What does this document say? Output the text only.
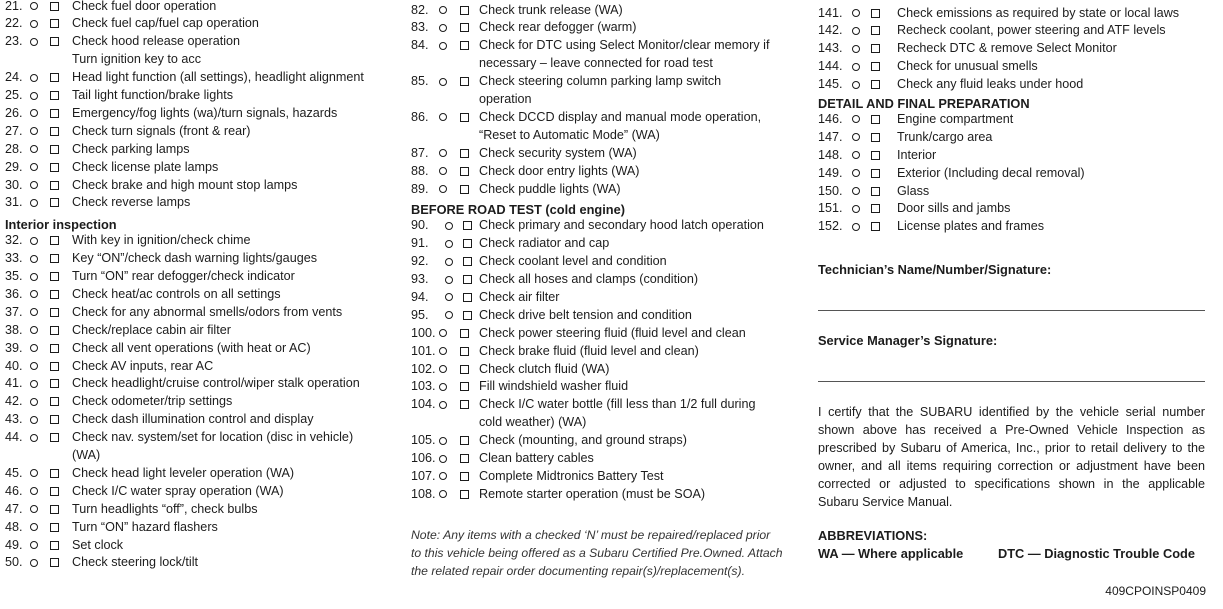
21.	Check fuel door operation
22.	Check fuel cap/fuel cap operation
23.	Check hood release operation
Turn ignition key to acc
24.	Head light function (all settings), headlight alignment
25.	Tail light function/brake lights
26.	Emergency/fog lights (wa)/turn signals, hazards
27.	Check turn signals (front & rear)
28.	Check parking lamps
29.	Check license plate lamps
30.	Check brake and high mount stop lamps
31.	Check reverse lamps
Interior inspection
32.	With key in ignition/check chime
33.	Key “ON”/check dash warning lights/gauges
35.	Turn “ON” rear defogger/check indicator
36.	Check heat/ac controls on all settings
37.	Check for any abnormal smells/odors from vents
38.	Check/replace cabin air filter
39.	Check all vent operations (with heat or AC)
40.	Check AV inputs, rear AC
41.	Check headlight/cruise control/wiper stalk operation
42.	Check odometer/trip settings
43.	Check dash illumination control and display
44.	Check nav. system/set for location (disc in vehicle)
(WA)
45.	Check head light leveler operation (WA)
46.	Check I/C water spray operation (WA)
47.	Turn headlights “off”, check bulbs
48.	Turn “ON” hazard flashers
49.	Set clock
50.	Check steering lock/tilt
82.	Check trunk release (WA)
83.	Check rear defogger (warm)
84.	Check for DTC using Select Monitor/clear memory if
necessary – leave connected for road test
85.	Check steering column parking lamp switch
operation
86.	Check DCCD display and manual mode operation,
“Reset to Automatic Mode” (WA)
87.	Check security system (WA)
88.	Check door entry lights (WA)
89.	Check puddle lights (WA)
BEFORE ROAD TEST (cold engine)
90.	Check primary and secondary hood latch operation
91.	Check radiator and cap
92.	Check coolant level and condition
93.	Check all hoses and clamps (condition)
94.	Check air filter
95.	Check drive belt tension and condition
100.	Check power steering fluid (fluid level and clean
101.	Check brake fluid (fluid level and clean)
102.	Check clutch fluid (WA)
103.	Fill windshield washer fluid
104.	Check I/C water bottle (fill less than 1/2 full during
cold weather) (WA)
105.	Check (mounting, and ground straps)
106.	Clean battery cables
107.	Complete Midtronics Battery Test
108.	Remote starter operation (must be SOA)
Note: Any items with a checked ‘N’ must be repaired/replaced prior
to this vehicle being offered as a Subaru Certified Pre.Owned. Attach
the related repair order documenting repair(s)/replacement(s).
141.	Check emissions as required by state or local laws
142.	Recheck coolant, power steering and ATF levels
143.	Recheck DTC & remove Select Monitor
144.	Check for unusual smells
145.	Check any fluid leaks under hood
DETAIL AND FINAL PREPARATION
146.	Engine compartment
147.	Trunk/cargo area
148.	Interior
149.	Exterior (Including decal removal)
150.	Glass
151.	Door sills and jambs
152.	License plates and frames
Technician’s Name/Number/Signature:
Service Manager’s Signature:
I certify that the SUBARU identified by the vehicle serial number shown above has received a Pre-Owned Vehicle Inspection as prescribed by Subaru of America, Inc., prior to retail delivery to the owner, and all items requiring correction or adjustment have been corrected or adjusted to specifications shown in the applicable Subaru Service Manual.
ABBREVIATIONS:
WA — Where applicable	DTC — Diagnostic Trouble Code
409CPOINSP0409
